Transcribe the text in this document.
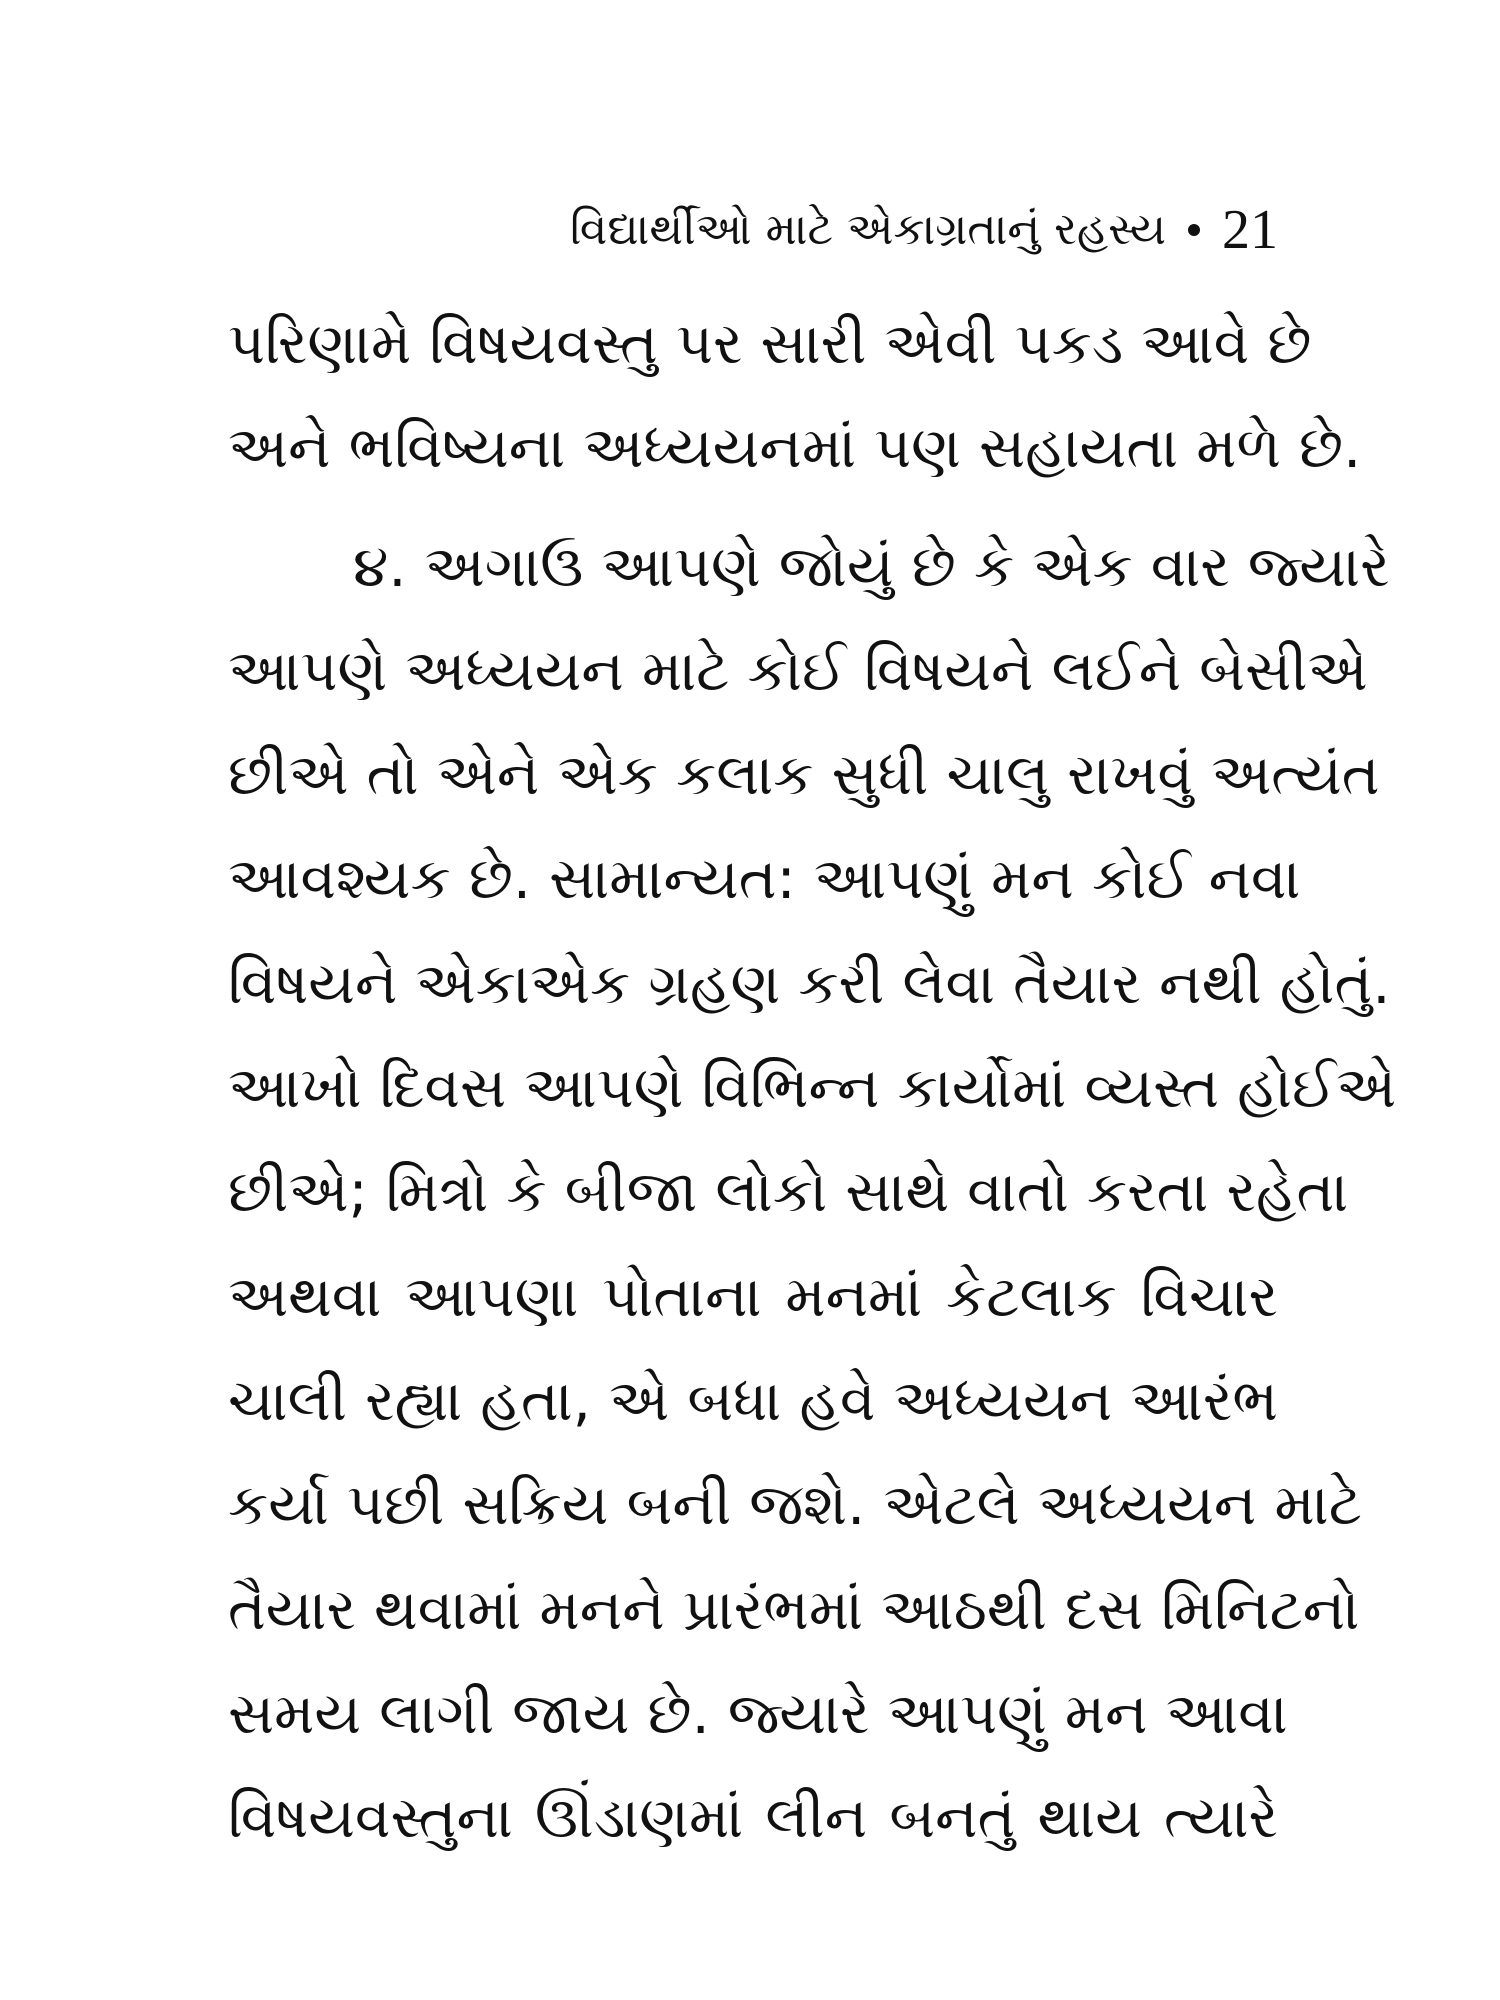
વિદ્યાર્થીઓ માટે એકાગ્રતાનું રહસ્ય 21
પરિણામે વિષયવસ્તુ પર સારી એવી પકડ આવે છે
અને ભવિષ્યના અધ્યયનમાં પણ સહાયતા મળે છે.
૪. અગાઉ આપણે જોયું છે કે એક વાર જ્યારે
આપણે અધ્યયન માટે કોઈ વિષયને લઈને બેસીએ
છીએ તો એને એક કલાક સુધી ચાલુ રાખવું અત્યંત
આવશ્યક છે. સામાન્યત: આપણું મન કોઈ નવા
વિષયને એકાએક ગ્રહણ કરી લેવા તૈયાર નથી હોતું.
આખો દિવસ આપણે વિભિન્ન કાર્યોમાં વ્યસ્ત હોઈએ
છીએ; મિત્રો કે બીજા લોકો સાથે વાતો કરતા રહેતા
અથવા આપણા પોતાના મનમાં કેટલાક વિચાર
ચાલી રહ્યા હતા, એ બધા હવે અધ્યયન આરંભ
કર્યા પછી સક્રિય બની જશે. એટલે અધ્યયન માટે
તૈયાર થવામાં મનને પ્રારંભમાં આઠથી દસ મિનિટનો
સમય લાગી જાય છે. જ્યારે આપણું મન આવા
વિષયવસ્તુના ઊંડાણમાં લીન બનતું થાય ત્યારે
